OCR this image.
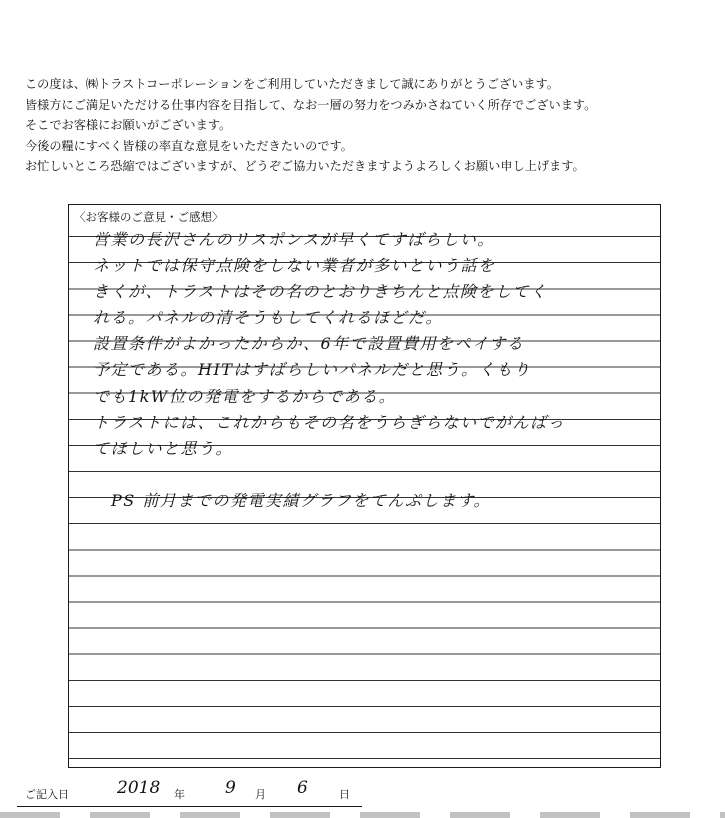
この度は、㈱トラストコーポレーションをご利用していただきまして誠にありがとうございます。
皆様方にご満足いただける仕事内容を目指して、なお一層の努力をつみかさねていく所存でございます。
そこでお客様にお願いがございます。
今後の糧にすべく皆様の率直な意見をいただきたいのです。
お忙しいところ恐縮ではございますが、どうぞご協力いただきますようよろしくお願い申し上げます。
〈お客様のご意見・ご感想〉
営業の長沢さんのリスポンスが早くてすばらしい。
ネットでは保守点険をしない業者が多いという話を
きくが、トラストはその名のとおりきちんと点険をしてく
れる。パネルの清そうもしてくれるほどだ。
設置条件がよかったからか、6年で設置費用をペイする
予定である。HITはすばらしいパネルだと思う。くもり
でも1kW位の発電をするからである。
トラストには、これからもその名をうらぎらないでがんばっ
てほしいと思う。
PS 前月までの発電実績グラフをてんぷします。
ご記入日	2018 年 9 月 6	日
